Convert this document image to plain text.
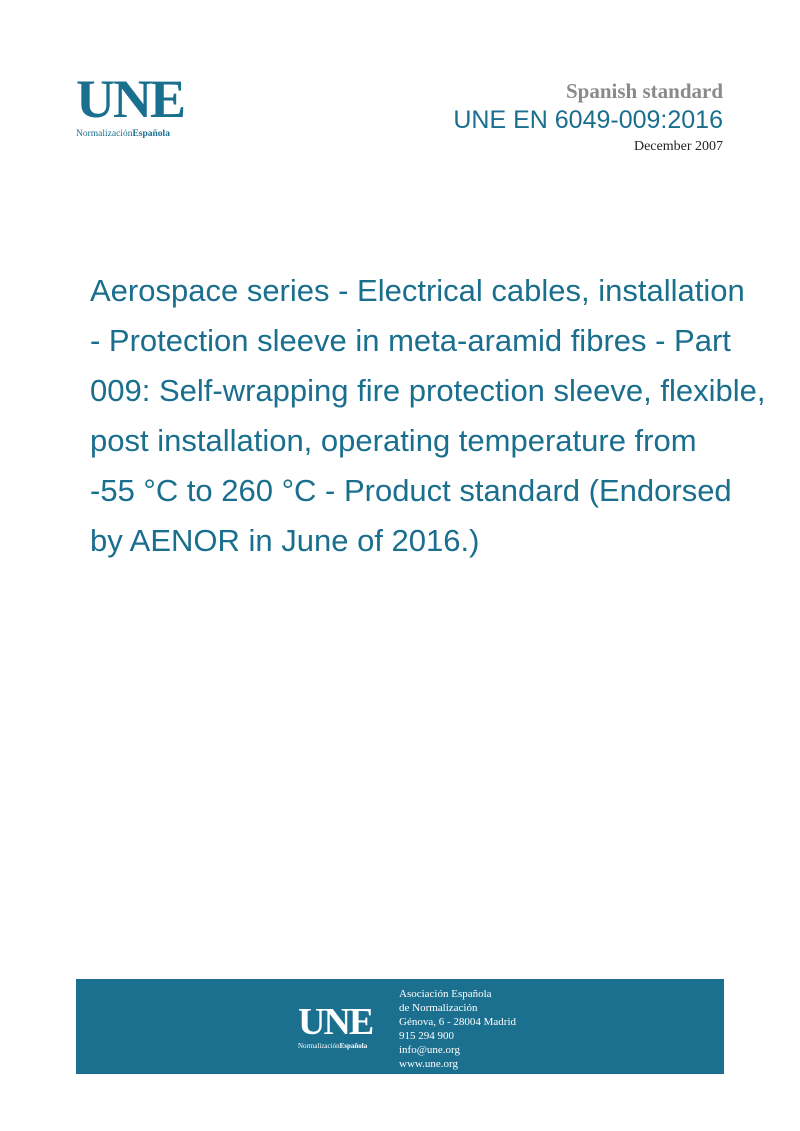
UNE
NormalizaciónEspañola
Spanish standard
UNE EN 6049-009:2016
December 2007
Aerospace series - Electrical cables, installation
- Protection sleeve in meta-aramid fibres - Part
009: Self-wrapping fire protection sleeve, flexible,
post installation, operating temperature from
-55 °C to 260 °C - Product standard (Endorsed
by AENOR in June of 2016.)
UNE
NormalizaciónEspañola
Asociación Española
de Normalización
Génova, 6 - 28004 Madrid
915 294 900
info@une.org
www.une.org
